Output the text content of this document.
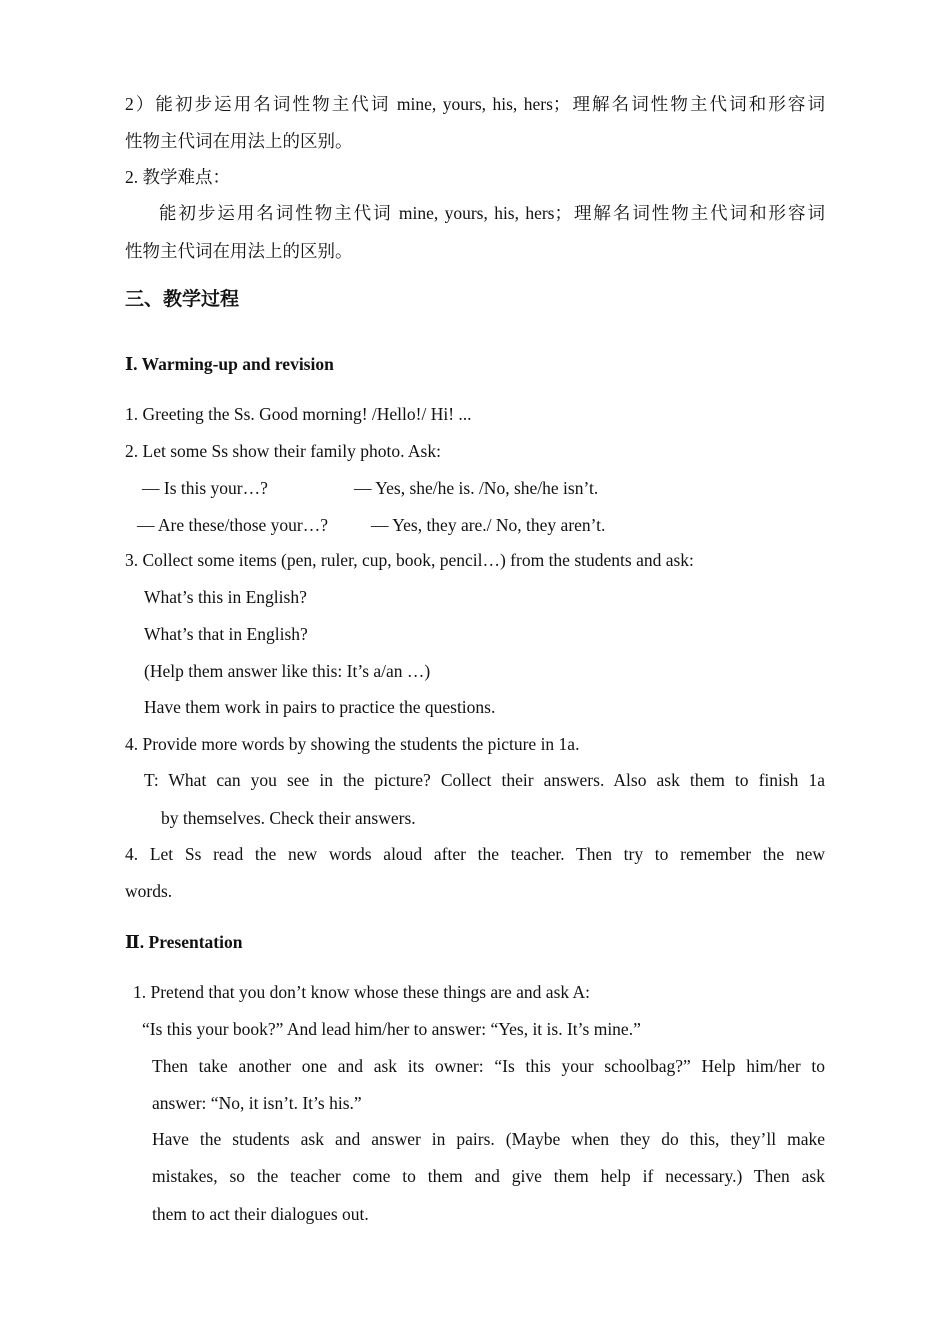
2）能初步运用名词性物主代词 mine, yours, his, hers；理解名词性物主代词和形容词
性物主代词在用法上的区别。
2. 教学难点：
能初步运用名词性物主代词 mine, yours, his, hers；理解名词性物主代词和形容词
性物主代词在用法上的区别。
三、教学过程
Ⅰ. Warming-up and revision
1. Greeting the Ss. Good morning! /Hello!/ Hi! ...
2. Let some Ss show their family photo. Ask:
— Is this your…?	— Yes, she/he is. /No, she/he isn’t.
— Are these/those your…? — Yes, they are./ No, they aren’t.
3. Collect some items (pen, ruler, cup, book, pencil…) from the students and ask:
What’s this in English?
What’s that in English?
(Help them answer like this: It’s a/an …)
Have them work in pairs to practice the questions.
4. Provide more words by showing the students the picture in 1a.
T: What can you see in the picture? Collect their answers. Also ask them to finish 1a
by themselves. Check their answers.
4. Let Ss read the new words aloud after the teacher. Then try to remember the new
words.
Ⅱ. Presentation
1. Pretend that you don’t know whose these things are and ask A:
“Is this your book?” And lead him/her to answer: “Yes, it is. It’s mine.”
Then take another one and ask its owner: “Is this your schoolbag?” Help him/her to
answer: “No, it isn’t. It’s his.”
Have the students ask and answer in pairs. (Maybe when they do this, they’ll make
mistakes, so the teacher come to them and give them help if necessary.) Then ask
them to act their dialogues out.
